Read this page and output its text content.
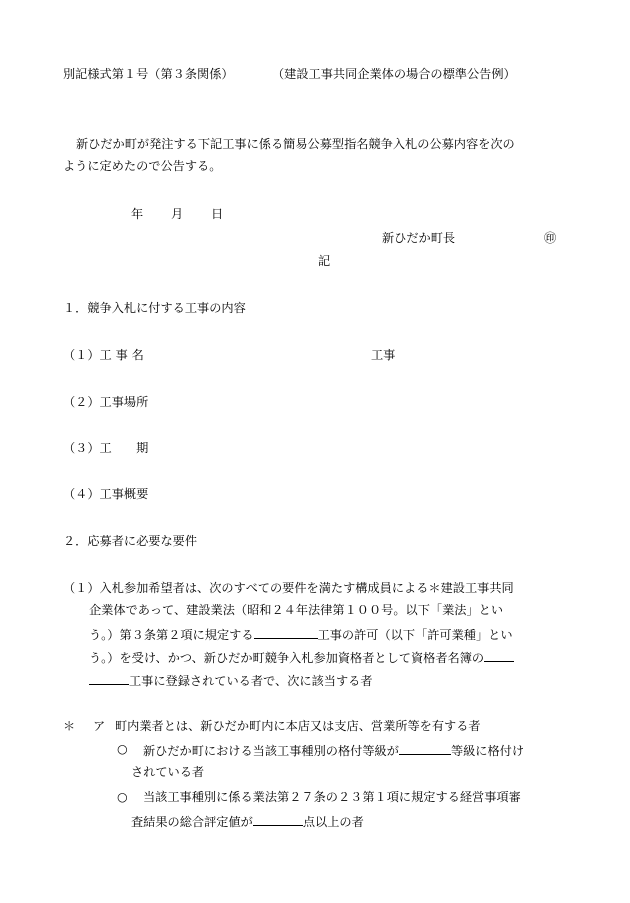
別記様式第１号（第３条関係）	（建設工事共同企業体の場合の標準公告例）
新ひだか町が発注する下記工事に係る簡易公募型指名競争入札の公募内容を次の
ように定めたので公告する。
年 月 日
新ひだか町長	㊞
記
１．競争入札に付する工事の内容
（１）工 事 名	工事
（２）工事場所
（３）工　　期
（４）工事概要
２．応募者に必要な要件
（１）入札参加希望者は、次のすべての要件を満たす構成員による＊建設工事共同
企業体であって、建設業法（昭和２４年法律第１００号。以下「業法」とい
う。）第３条第２項に規定する	工事の許可（以下「許可業種」とい
う。）を受け、かつ、新ひだか町競争入札参加資格者として資格者名簿の
工事に登録されている者で、次に該当する者
＊ ア 町内業者とは、新ひだか町内に本店又は支店、営業所等を有する者
○ 新ひだか町における当該工事種別の格付等級が	等級に格付け
されている者
○ 当該工事種別に係る業法第２７条の２３第１項に規定する経営事項審
査結果の総合評定値が	点以上の者
